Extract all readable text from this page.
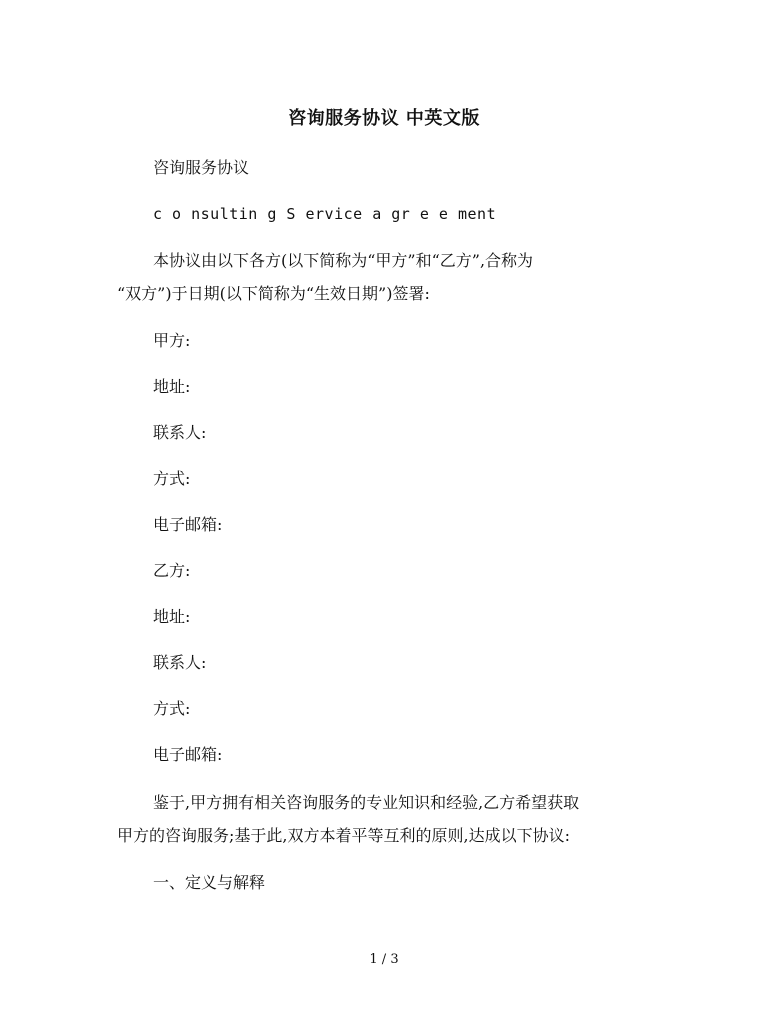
咨询服务协议 中英文版
咨询服务协议
c o nsultin g S ervice a gr e e ment
本协议由以下各方(以下简称为“甲方”和“乙方”,合称为
“双方”)于日期(以下简称为“生效日期”)签署:
甲方:
地址:
联系人:
方式:
电子邮箱:
乙方:
地址:
联系人:
方式:
电子邮箱:
鉴于,甲方拥有相关咨询服务的专业知识和经验,乙方希望获取
甲方的咨询服务;基于此,双方本着平等互利的原则,达成以下协议:
一、定义与解释
1 / 3
